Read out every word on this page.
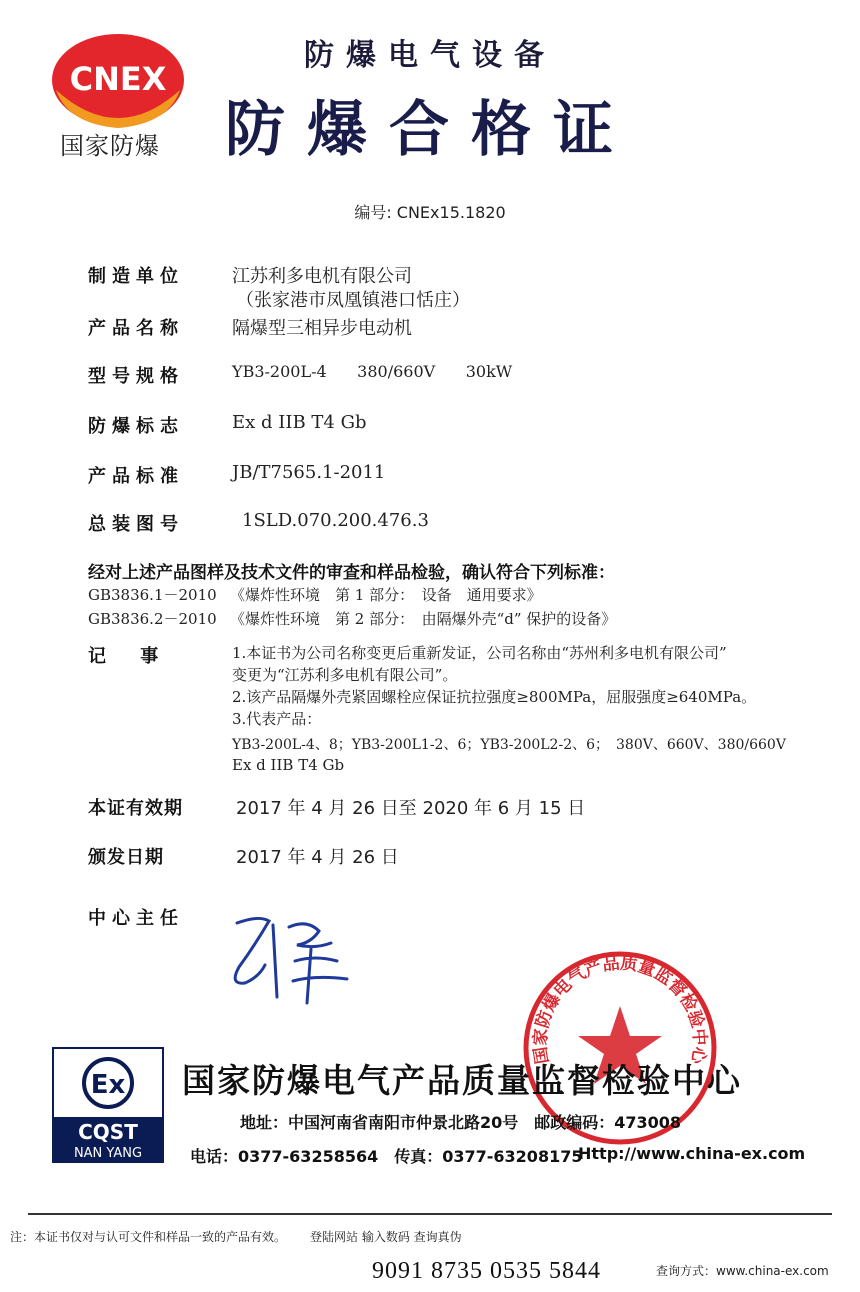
CNEX
国家防爆
防爆电气设备
防爆合格证
编号: CNEx15.1820
制造单位	江苏利多电机有限公司
（张家港市凤凰镇港口恬庄）
产品名称	隔爆型三相异步电动机
型号规格	YB3-200L-4      380/660V      30kW
防爆标志	Ex d IIB T4 Gb
产品标准	JB/T7565.1-2011
总装图号	1SLD.070.200.476.3
经对上述产品图样及技术文件的审查和样品检验，确认符合下列标准：
GB3836.1－2010 《爆炸性环境　第 1 部分：　设备　通用要求》
GB3836.2－2010 《爆炸性环境　第 2 部分：　由隔爆外壳“d” 保护的设备》
记 事	1.本证书为公司名称变更后重新发证，公司名称由“苏州利多电机有限公司”
变更为“江苏利多电机有限公司”。
2.该产品隔爆外壳紧固螺栓应保证抗拉强度≥800MPa，屈服强度≥640MPa。
3.代表产品：
YB3-200L-4、8；YB3-200L1-2、6；YB3-200L2-2、6；　380V、660V、380/660V
Ex d IIB T4 Gb
本证有效期	2017 年 4 月 26 日至 2020 年 6 月 15 日
颁发日期	2017 年 4 月 26 日
中心主任
国家防爆电气产品质量监督检验中心
Ex
CQST
NAN YANG
国家防爆电气产品质量监督检验中心
地址：中国河南省南阳市仲景北路20号　邮政编码：473008
电话：0377-63258564　传真：0377-63208175
Http://www.china-ex.com
注：本证书仅对与认可文件和样品一致的产品有效。 登陆网站 输入数码 查询真伪
9091 8735 0535 5844	查询方式：www.china-ex.com
